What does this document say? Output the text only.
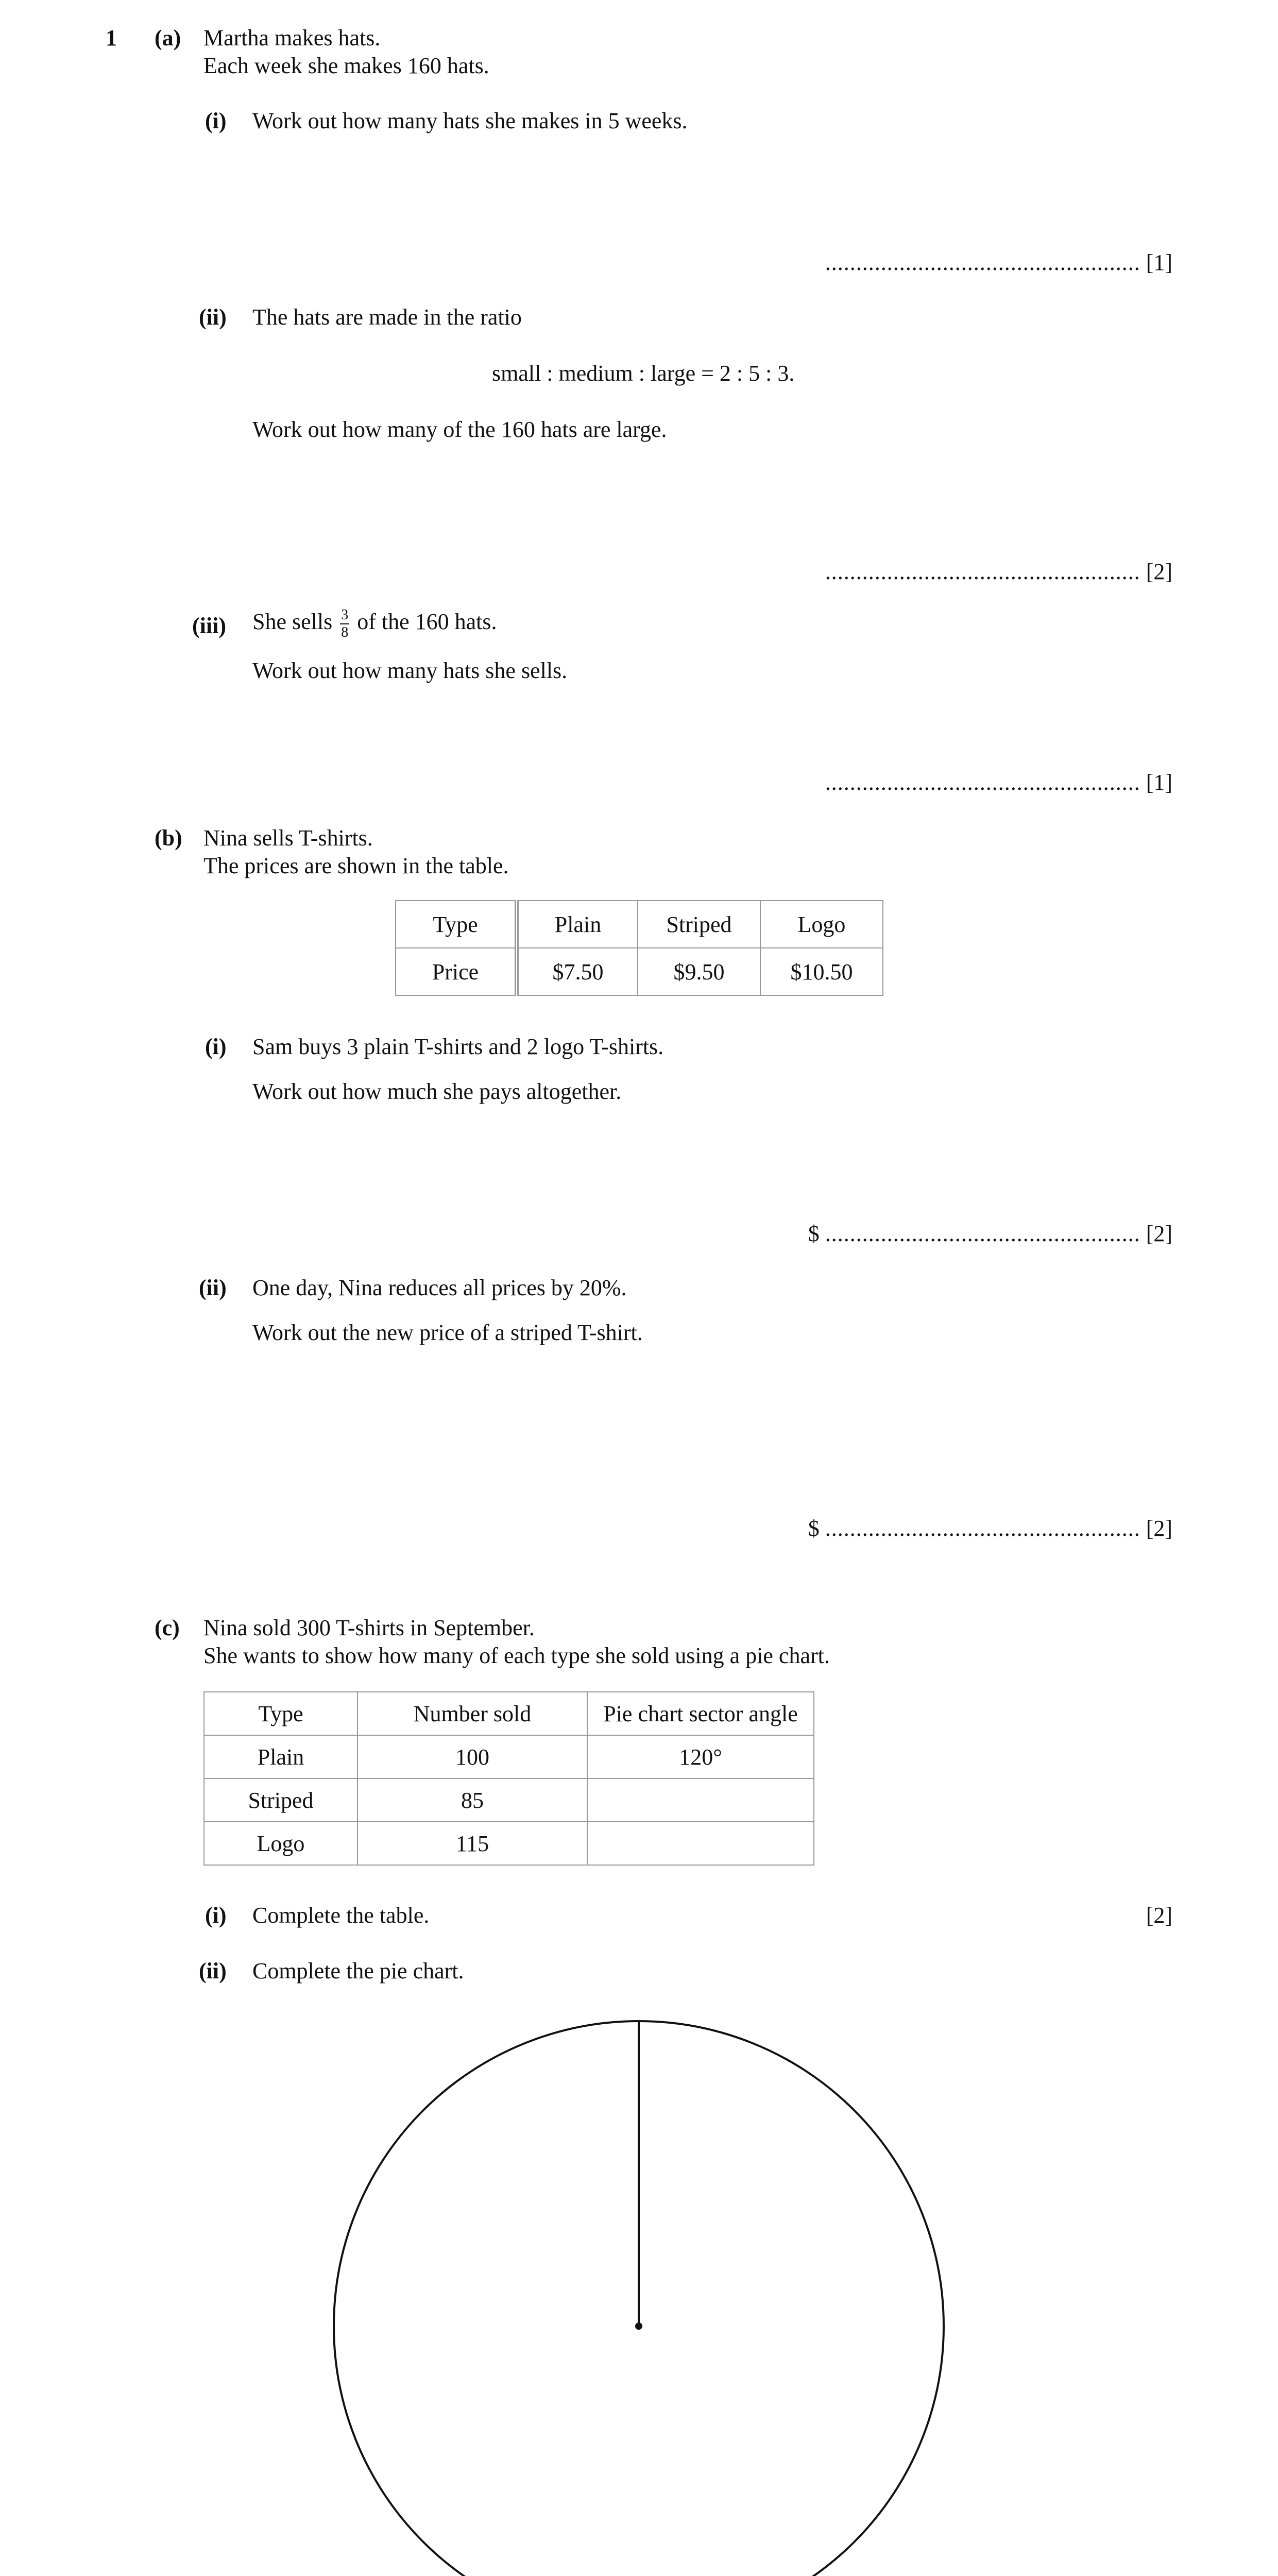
1 (a) Martha makes hats.
Each week she makes 160 hats.
(i) Work out how many hats she makes in 5 weeks.
................................................... [1]
(ii) The hats are made in the ratio
small : medium : large = 2 : 5 : 3.
Work out how many of the 160 hats are large.
................................................... [2]
(iii) She sells $\frac{3}{8}$ of the 160 hats.
Work out how many hats she sells.
................................................... [1]
(b) Nina sells T-shirts.
The prices are shown in the table.
Type	Plain	Striped	Logo
Price	$7.50	$9.50	$10.50
(i) Sam buys 3 plain T-shirts and 2 logo T-shirts.
Work out how much she pays altogether.
$ ................................................... [2]
(ii) One day, Nina reduces all prices by 20%.
Work out the new price of a striped T-shirt.
$ ................................................... [2]
(c) Nina sold 300 T-shirts in September.
She wants to show how many of each type she sold using a pie chart.
Type	Number sold	Pie chart sector angle
Plain	100	120°
Striped	85	
Logo	115	
(i) Complete the table.	[2]
(ii) Complete the pie chart.
